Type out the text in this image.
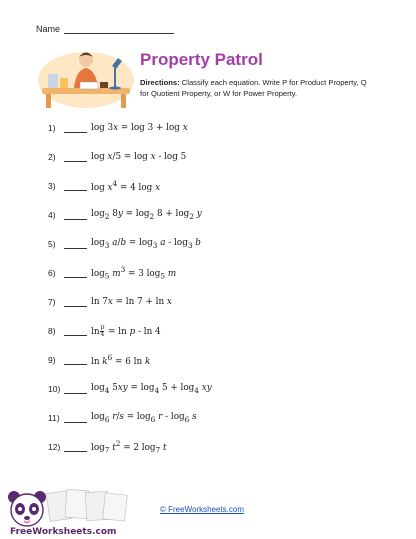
Name
Property Patrol
Directions: Classify each equation. Write P for Product Property, Q for Quotient Property, or W for Power Property.
1)	log 3x = log 3 + log x
2)	log x/5 = log x - log 5
3)	$\log x^4 = 4$ log x
4)	$\log_2 8y = \log_2 8 + \log_2 y$
5)	$\log_3 a/b = \log_3 a - \log_3 b$
6)	$\log_5 m^3 = 3$ $\log_5 m$
7)	ln 7x = ln 7 + ln x
8)	$\ln\frac{p}{4} = \ln p - \ln 4$
9)	$\ln k^6 = 6$ ln k
10)	$\log_4 5xy = \log_4 5 + \log_4$ xy
11)	$\log_6 r/s = \log_6 r - \log_6 s$
12)	$\log_7 t^2 = 2$ $\log_7 t$
FreeWorksheets.com
© FreeWorksheets.com
